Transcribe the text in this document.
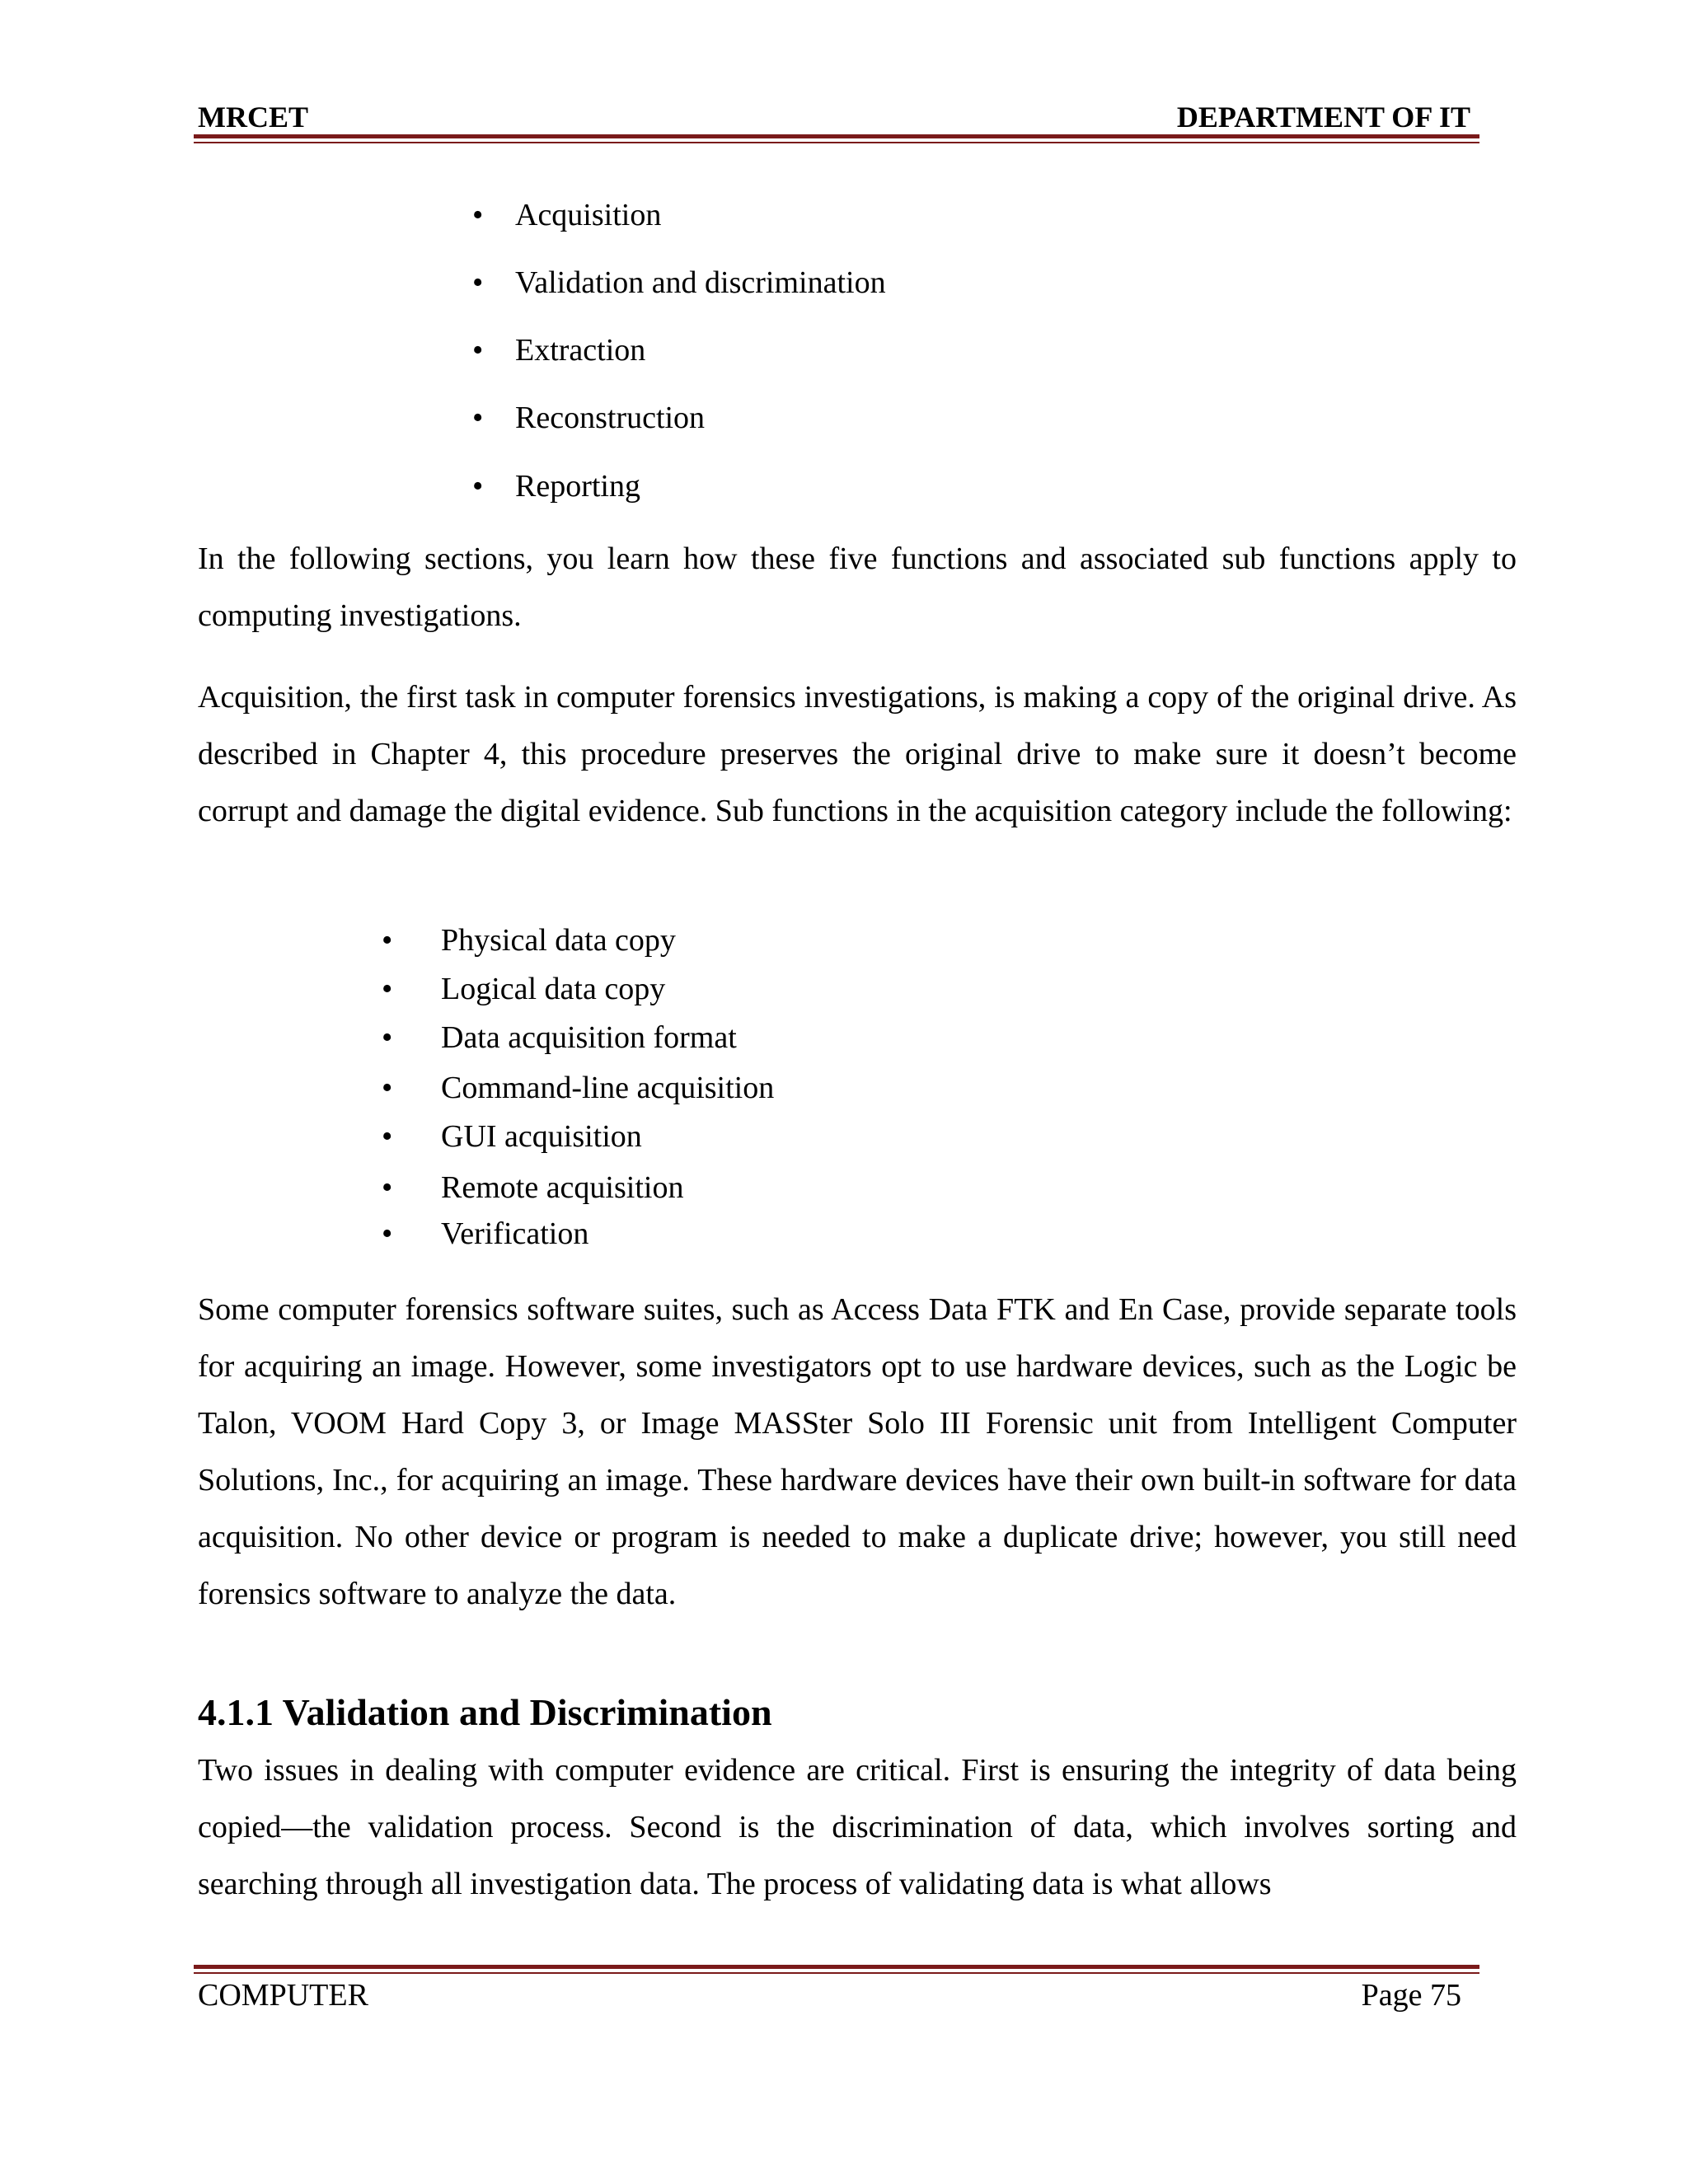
MRCET	DEPARTMENT OF IT
• Acquisition
• Validation and discrimination
• Extraction
• Reconstruction
• Reporting
In the following sections, you learn how these five functions and associated sub functions apply to computing investigations.
Acquisition, the first task in computer forensics investigations, is making a copy of the original drive. As described in Chapter 4, this procedure preserves the original drive to make sure it doesn’t become corrupt and damage the digital evidence. Sub functions in the acquisition category include the following:
• Physical data copy
• Logical data copy
• Data acquisition format
• Command-line acquisition
• GUI acquisition
• Remote acquisition
• Verification
Some computer forensics software suites, such as Access Data FTK and En Case, provide separate tools for acquiring an image. However, some investigators opt to use hardware devices, such as the Logic be Talon, VOOM Hard Copy 3, or Image MASSter Solo III Forensic unit from Intelligent Computer Solutions, Inc., for acquiring an image. These hardware devices have their own built-in software for data acquisition. No other device or program is needed to make a duplicate drive; however, you still need forensics software to analyze the data.
4.1.1 Validation and Discrimination
Two issues in dealing with computer evidence are critical. First is ensuring the integrity of data being copied—the validation process. Second is the discrimination of data, which involves sorting and searching through all investigation data. The process of validating data is what allows
COMPUTER	Page 75
